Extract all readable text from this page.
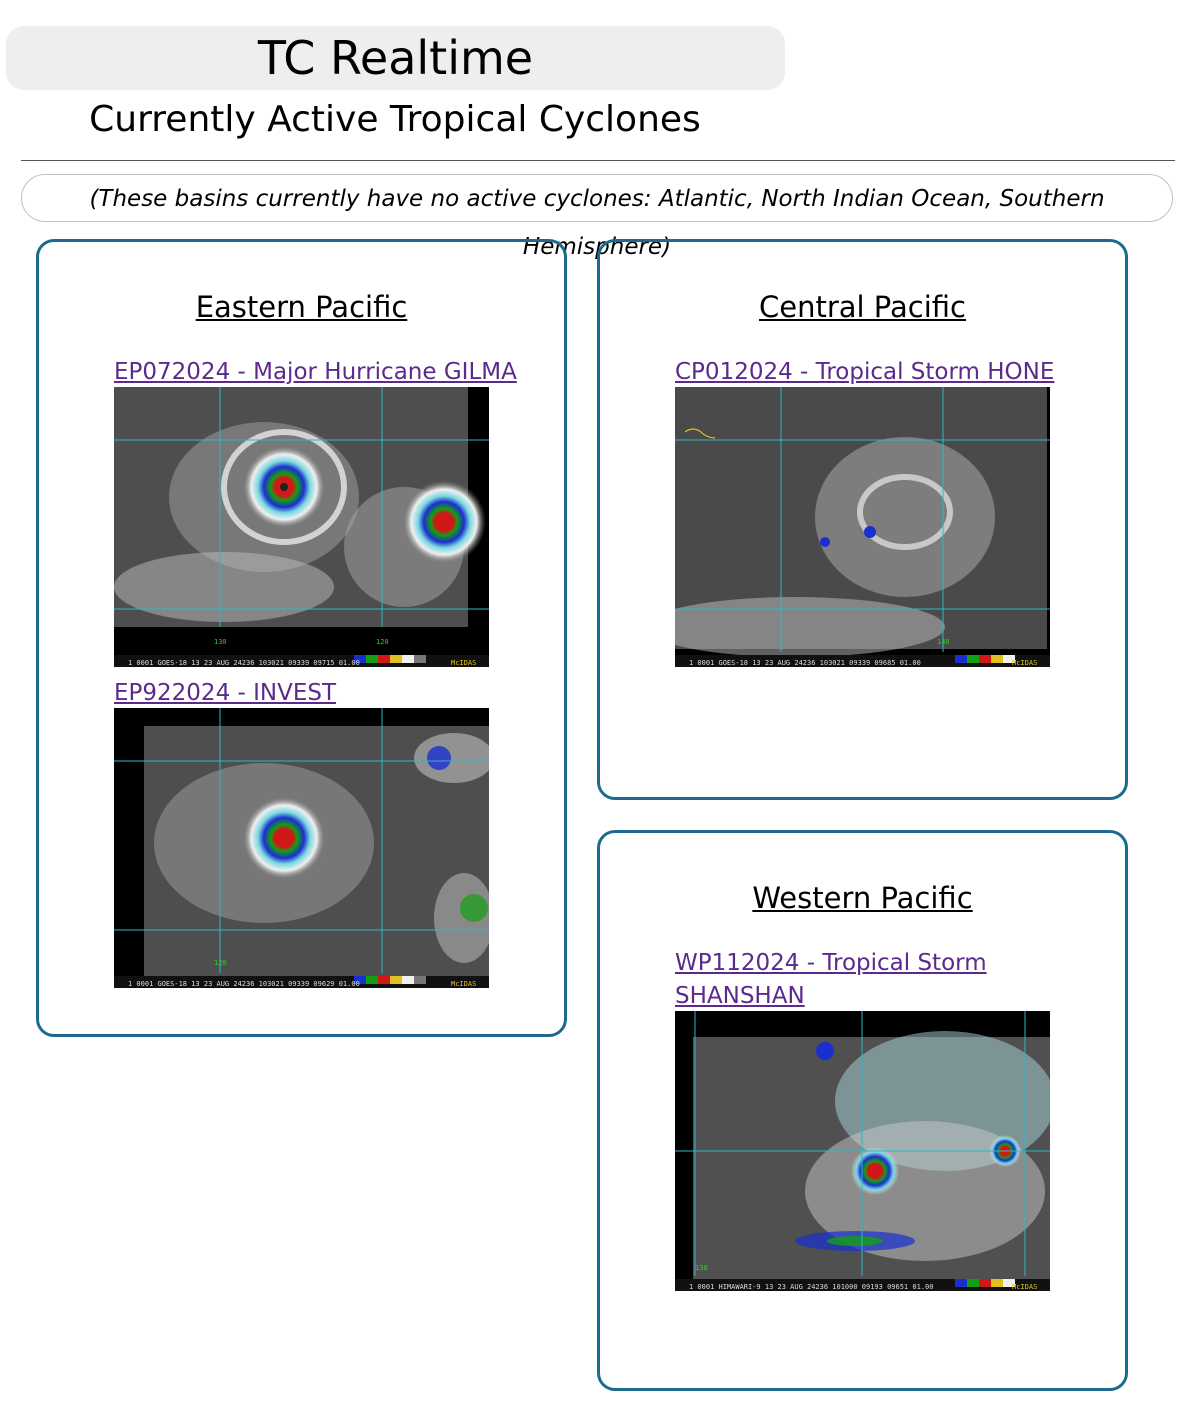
TC Realtime
Currently Active Tropical Cyclones
(These basins currently have no active cyclones: Atlantic, North Indian Ocean, Southern Hemisphere)
Eastern Pacific
EP072024 - Major Hurricane GILMA
130	120
1 0001 GOES-18 13 23 AUG 24236 103021 09339 09715 01.00	McIDAS
EP922024 - INVEST
120
1 0001 GOES-18 13 23 AUG 24236 103021 09339 09629 01.00	McIDAS
Central Pacific
CP012024 - Tropical Storm HONE
140
1 0001 GOES-18 13 23 AUG 24236 103021 09339 09685 01.00	McIDAS
Western Pacific
WP112024 - Tropical Storm
SHANSHAN
130
1 0001 HIMAWARI-9 13 23 AUG 24236 101000 09193 09651 01.00	McIDAS
